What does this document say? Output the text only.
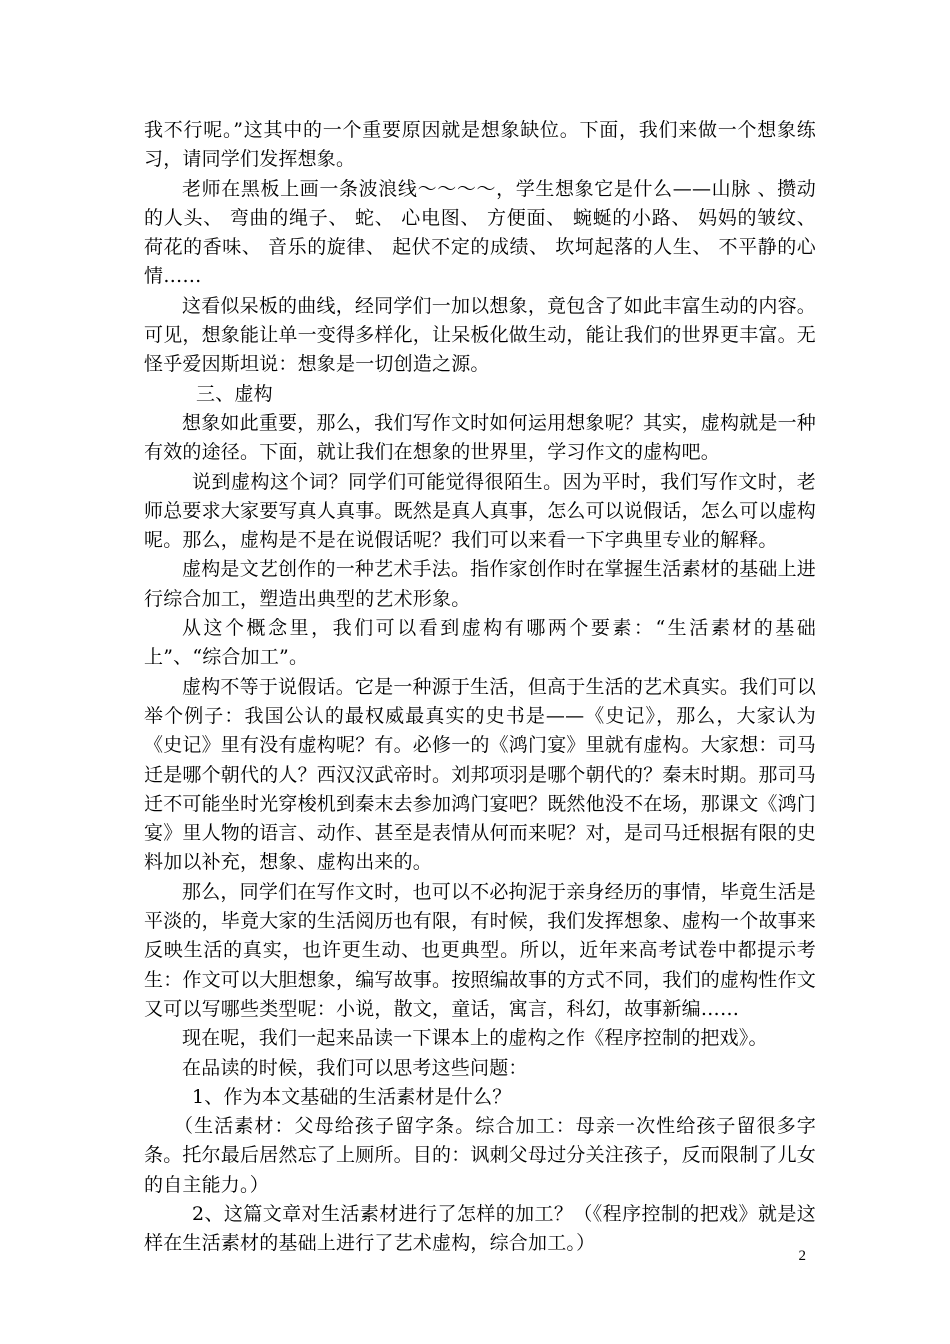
我不行呢。”这其中的一个重要原因就是想象缺位。下面，我们来做一个想象练习，请同学们发挥想象。

老师在黑板上画一条波浪线～～～～，学生想象它是什么——山脉 、攒动的人头、 弯曲的绳子、 蛇、 心电图、 方便面、 蜿蜒的小路、 妈妈的皱纹、 荷花的香味、 音乐的旋律、 起伏不定的成绩、 坎坷起落的人生、 不平静的心情……

这看似呆板的曲线，经同学们一加以想象，竟包含了如此丰富生动的内容。可见，想象能让单一变得多样化，让呆板化做生动，能让我们的世界更丰富。无怪乎爱因斯坦说：想象是一切创造之源。

三、虚构

想象如此重要，那么，我们写作文时如何运用想象呢？其实，虚构就是一种有效的途径。下面，就让我们在想象的世界里，学习作文的虚构吧。

说到虚构这个词？同学们可能觉得很陌生。因为平时，我们写作文时，老师总要求大家要写真人真事。既然是真人真事，怎么可以说假话，怎么可以虚构呢。那么，虚构是不是在说假话呢？我们可以来看一下字典里专业的解释。

虚构是文艺创作的一种艺术手法。指作家创作时在掌握生活素材的基础上进行综合加工，塑造出典型的艺术形象。

从这个概念里，我们可以看到虚构有哪两个要素：“生活素材的基础上”、“综合加工”。

虚构不等于说假话。它是一种源于生活，但高于生活的艺术真实。我们可以举个例子：我国公认的最权威最真实的史书是——《史记》，那么，大家认为《史记》里有没有虚构呢？有。必修一的《鸿门宴》里就有虚构。大家想：司马迁是哪个朝代的人？西汉汉武帝时。刘邦项羽是哪个朝代的？秦末时期。那司马迁不可能坐时光穿梭机到秦末去参加鸿门宴吧？既然他没不在场，那课文《鸿门宴》里人物的语言、动作、甚至是表情从何而来呢？对，是司马迁根据有限的史料加以补充，想象、虚构出来的。

那么，同学们在写作文时，也可以不必拘泥于亲身经历的事情，毕竟生活是平淡的，毕竟大家的生活阅历也有限，有时候，我们发挥想象、虚构一个故事来反映生活的真实，也许更生动、也更典型。所以，近年来高考试卷中都提示考生：作文可以大胆想象，编写故事。按照编故事的方式不同，我们的虚构性作文又可以写哪些类型呢：小说，散文，童话，寓言，科幻，故事新编……

现在呢，我们一起来品读一下课本上的虚构之作《程序控制的把戏》。

在品读的时候，我们可以思考这些问题：

1、作为本文基础的生活素材是什么？

（生活素材：父母给孩子留字条。综合加工：母亲一次性给孩子留很多字条。托尔最后居然忘了上厕所。目的：讽刺父母过分关注孩子，反而限制了儿女的自主能力。）

2、这篇文章对生活素材进行了怎样的加工？（《程序控制的把戏》就是这样在生活素材的基础上进行了艺术虚构，综合加工。）

2
